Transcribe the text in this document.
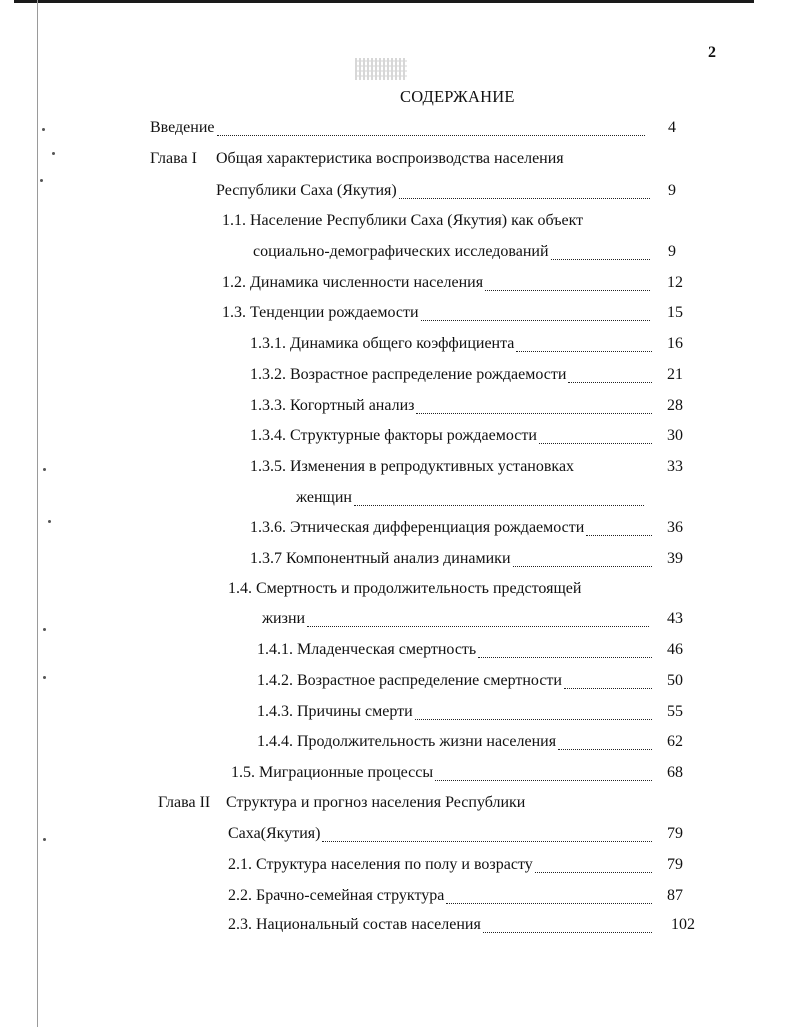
2
СОДЕРЖАНИЕ
Введение	4
Глава I Общая характеристика воспроизводства населения
Республики Саха (Якутия)	9
1.1. Население Республики Саха (Якутия) как объект
социально-демографических исследований	9
1.2. Динамика численности населения	12
1.3. Тенденции рождаемости	15
1.3.1. Динамика общего коэффициента	16
1.3.2. Возрастное распределение рождаемости	21
1.3.3. Когортный анализ	28
1.3.4. Структурные факторы рождаемости	30
1.3.5. Изменения в репродуктивных установках	33
женщин
1.3.6. Этническая дифференциация рождаемости	36
1.3.7 Компонентный анализ динамики	39
1.4. Смертность и продолжительность предстоящей
жизни	43
1.4.1. Младенческая смертность	46
1.4.2. Возрастное распределение смертности	50
1.4.3. Причины смерти	55
1.4.4. Продолжительность жизни населения	62
1.5. Миграционные процессы	68
Глава II Структура и прогноз населения Республики
Саха(Якутия)	79
2.1. Структура населения по полу и возрасту	79
2.2. Брачно-семейная структура	87
2.3. Национальный состав населения	102
